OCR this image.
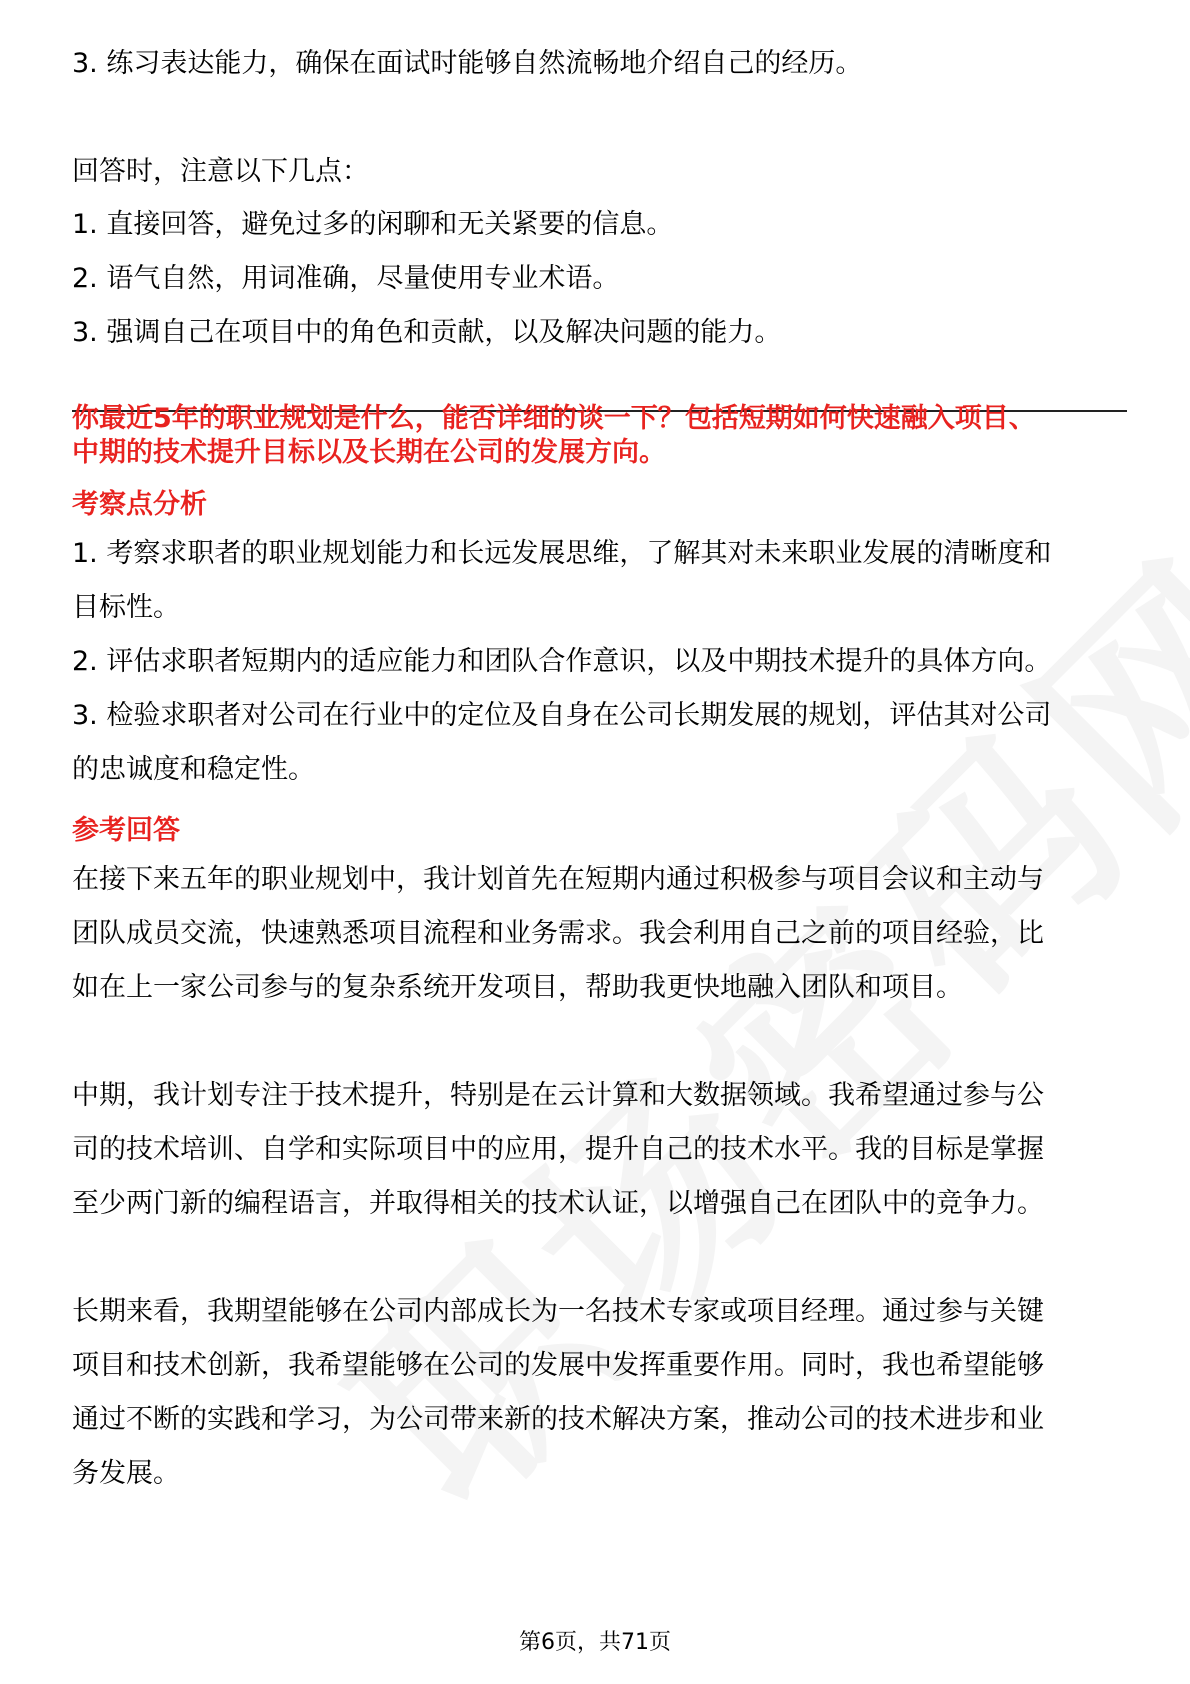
3. 练习表达能力，确保在面试时能够自然流畅地介绍自己的经历。
回答时，注意以下几点：
1. 直接回答，避免过多的闲聊和无关紧要的信息。
2. 语气自然，用词准确，尽量使用专业术语。
3. 强调自己在项目中的角色和贡献，以及解决问题的能力。
你最近5年的职业规划是什么，能否详细的谈一下？包括短期如何快速融入项目、
中期的技术提升目标以及长期在公司的发展方向。
考察点分析
1. 考察求职者的职业规划能力和长远发展思维，了解其对未来职业发展的清晰度和
目标性。
2. 评估求职者短期内的适应能力和团队合作意识，以及中期技术提升的具体方向。
3. 检验求职者对公司在行业中的定位及自身在公司长期发展的规划，评估其对公司
的忠诚度和稳定性。
参考回答
在接下来五年的职业规划中，我计划首先在短期内通过积极参与项目会议和主动与
团队成员交流，快速熟悉项目流程和业务需求。我会利用自己之前的项目经验，比
如在上一家公司参与的复杂系统开发项目，帮助我更快地融入团队和项目。
中期，我计划专注于技术提升，特别是在云计算和大数据领域。我希望通过参与公
司的技术培训、自学和实际项目中的应用，提升自己的技术水平。我的目标是掌握
至少两门新的编程语言，并取得相关的技术认证，以增强自己在团队中的竞争力。
长期来看，我期望能够在公司内部成长为一名技术专家或项目经理。通过参与关键
项目和技术创新，我希望能够在公司的发展中发挥重要作用。同时，我也希望能够
通过不断的实践和学习，为公司带来新的技术解决方案，推动公司的技术进步和业
务发展。
第6页，共71页
